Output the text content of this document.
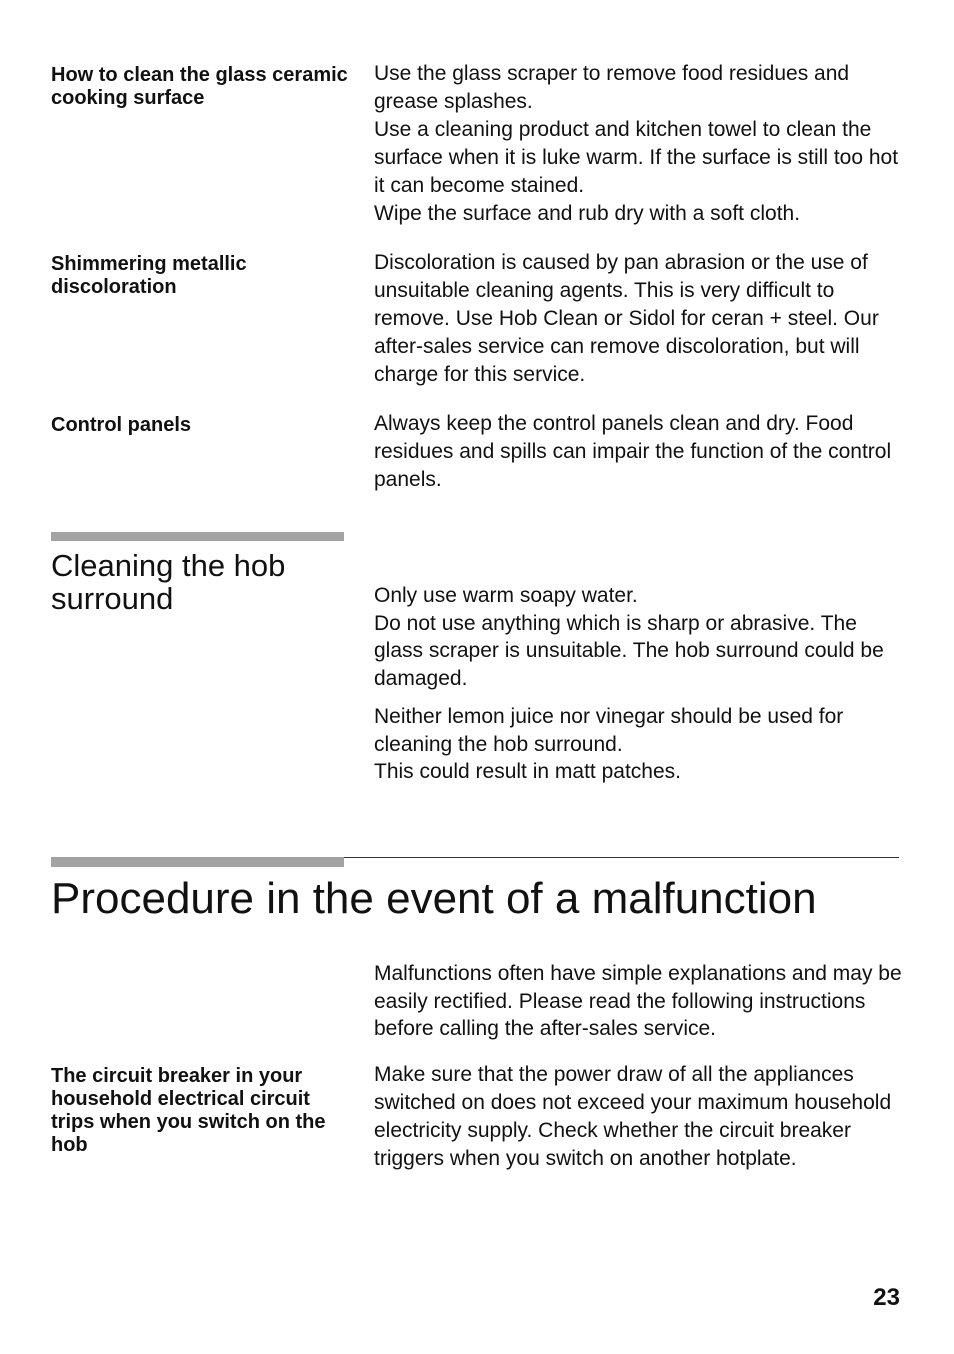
How to clean the glass ceramic cooking surface

Use the glass scraper to remove food residues and grease splashes.

Use a cleaning product and kitchen towel to clean the surface when it is luke warm. If the surface is still too hot it can become stained.

Wipe the surface and rub dry with a soft cloth.

Shimmering metallic discoloration
Discoloration is caused by pan abrasion or the use of unsuitable cleaning agents. This is very difficult to remove. Use Hob Clean or Sidol for ceran + steel. Our after-sales service can remove discoloration, but will charge for this service.
Control panels	Always keep the control panels clean and dry. Food residues and spills can impair the function of the control panels.
Cleaning the hob surround	Only use warm soapy water.

Do not use anything which is sharp or abrasive. The glass scraper is unsuitable. The hob surround could be damaged.

Neither lemon juice nor vinegar should be used for cleaning the hob surround.

This could result in matt patches.

Procedure in the event of a malfunction
Malfunctions often have simple explanations and may be easily rectified. Please read the following instructions before calling the after-sales service.
The circuit breaker in your household electrical circuit trips when you switch on the hob
Make sure that the power draw of all the appliances switched on does not exceed your maximum household electricity supply. Check whether the circuit breaker triggers when you switch on another hotplate.
23
